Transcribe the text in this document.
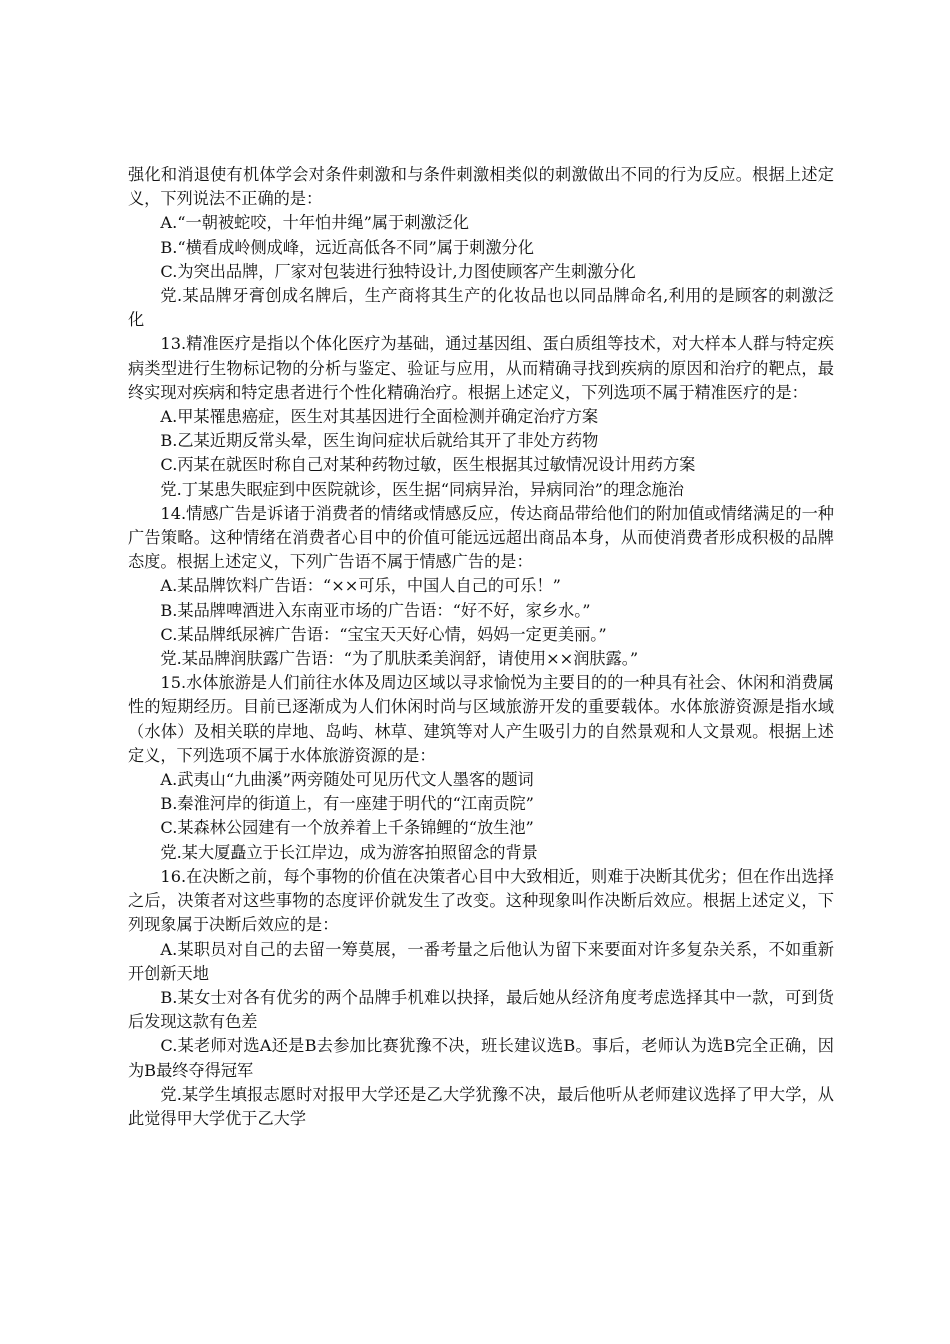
强化和消退使有机体学会对条件刺激和与条件刺激相类似的刺激做出不同的行为反应。根据上述定义，下列说法不正确的是：

A.“一朝被蛇咬，十年怕井绳”属于刺激泛化

B.“横看成岭侧成峰，远近高低各不同”属于刺激分化

C.为突出品牌，厂家对包装进行独特设计,力图使顾客产生刺激分化

党.某品牌牙膏创成名牌后，生产商将其生产的化妆品也以同品牌命名,利用的是顾客的刺激泛化

13.精准医疗是指以个体化医疗为基础，通过基因组、蛋白质组等技术，对大样本人群与特定疾病类型进行生物标记物的分析与鉴定、验证与应用，从而精确寻找到疾病的原因和治疗的靶点，最终实现对疾病和特定患者进行个性化精确治疗。根据上述定义，下列选项不属于精准医疗的是：

A.甲某罹患癌症，医生对其基因进行全面检测并确定治疗方案

B.乙某近期反常头晕，医生询问症状后就给其开了非处方药物

C.丙某在就医时称自己对某种药物过敏，医生根据其过敏情况设计用药方案

党.丁某患失眠症到中医院就诊，医生据“同病异治，异病同治”的理念施治

14.情感广告是诉诸于消费者的情绪或情感反应，传达商品带给他们的附加值或情绪满足的一种广告策略。这种情绪在消费者心目中的价值可能远远超出商品本身，从而使消费者形成积极的品牌态度。根据上述定义，下列广告语不属于情感广告的是：

A.某品牌饮料广告语：“××可乐，中国人自己的可乐！”

B.某品牌啤酒进入东南亚市场的广告语：“好不好，家乡水。”

C.某品牌纸尿裤广告语：“宝宝天天好心情，妈妈一定更美丽。”

党.某品牌润肤露广告语：“为了肌肤柔美润舒，请使用××润肤露。”

15.水体旅游是人们前往水体及周边区域以寻求愉悦为主要目的的一种具有社会、休闲和消费属性的短期经历。目前已逐渐成为人们休闲时尚与区域旅游开发的重要载体。水体旅游资源是指水域（水体）及相关联的岸地、岛屿、林草、建筑等对人产生吸引力的自然景观和人文景观。根据上述定义，下列选项不属于水体旅游资源的是：

A.武夷山“九曲溪”两旁随处可见历代文人墨客的题词

B.秦淮河岸的街道上，有一座建于明代的“江南贡院”

C.某森林公园建有一个放养着上千条锦鲤的“放生池”

党.某大厦矗立于长江岸边，成为游客拍照留念的背景

16.在决断之前，每个事物的价值在决策者心目中大致相近，则难于决断其优劣；但在作出选择之后，决策者对这些事物的态度评价就发生了改变。这种现象叫作决断后效应。根据上述定义，下列现象属于决断后效应的是：

A.某职员对自己的去留一筹莫展，一番考量之后他认为留下来要面对许多复杂关系，不如重新开创新天地

B.某女士对各有优劣的两个品牌手机难以抉择，最后她从经济角度考虑选择其中一款，可到货后发现这款有色差

C.某老师对选A还是B去参加比赛犹豫不决，班长建议选B。事后，老师认为选B完全正确，因为B最终夺得冠军

党.某学生填报志愿时对报甲大学还是乙大学犹豫不决，最后他听从老师建议选择了甲大学，从此觉得甲大学优于乙大学
